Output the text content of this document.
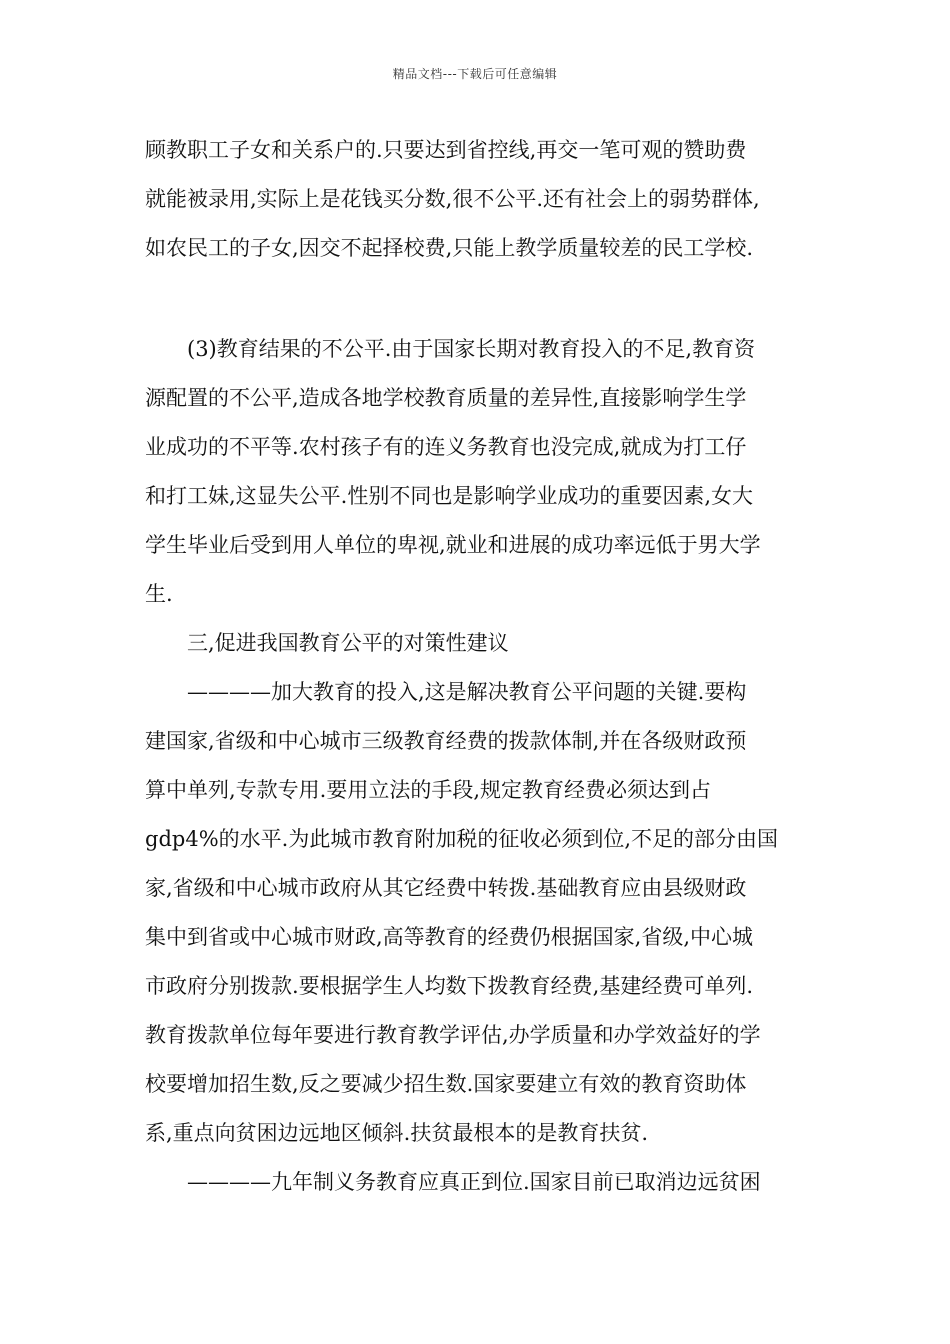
精品文档---下载后可任意编辑
顾教职工子女和关系户的.只要达到省控线,再交一笔可观的赞助费
就能被录用,实际上是花钱买分数,很不公平.还有社会上的弱势群体,
如农民工的子女,因交不起择校费,只能上教学质量较差的民工学校.
(3)教育结果的不公平.由于国家长期对教育投入的不足,教育资
源配置的不公平,造成各地学校教育质量的差异性,直接影响学生学
业成功的不平等.农村孩子有的连义务教育也没完成,就成为打工仔
和打工妹,这显失公平.性别不同也是影响学业成功的重要因素,女大
学生毕业后受到用人单位的卑视,就业和进展的成功率远低于男大学
生.
三,促进我国教育公平的对策性建议
————加大教育的投入,这是解决教育公平问题的关键.要构
建国家,省级和中心城市三级教育经费的拨款体制,并在各级财政预
算中单列,专款专用.要用立法的手段,规定教育经费必须达到占
gdp4%的水平.为此城市教育附加税的征收必须到位,不足的部分由国
家,省级和中心城市政府从其它经费中转拨.基础教育应由县级财政
集中到省或中心城市财政,高等教育的经费仍根据国家,省级,中心城
市政府分别拨款.要根据学生人均数下拨教育经费,基建经费可单列.
教育拨款单位每年要进行教育教学评估,办学质量和办学效益好的学
校要增加招生数,反之要减少招生数.国家要建立有效的教育资助体
系,重点向贫困边远地区倾斜.扶贫最根本的是教育扶贫.
————九年制义务教育应真正到位.国家目前已取消边远贫困
